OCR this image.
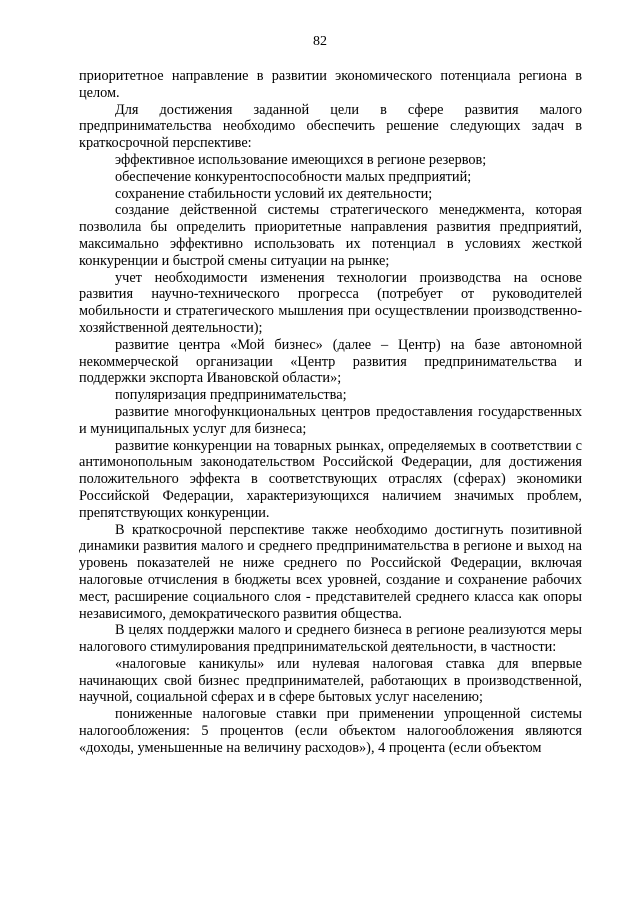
82

приоритетное направление в развитии экономического потенциала региона в целом.

Для достижения заданной цели в сфере развития малого предпринимательства необходимо обеспечить решение следующих задач в краткосрочной перспективе:

эффективное использование имеющихся в регионе резервов;

обеспечение конкурентоспособности малых предприятий;

сохранение стабильности условий их деятельности;

создание действенной системы стратегического менеджмента, которая позволила бы определить приоритетные направления развития предприятий, максимально эффективно использовать их потенциал в условиях жесткой конкуренции и быстрой смены ситуации на рынке;

учет необходимости изменения технологии производства на основе развития научно-технического прогресса (потребует от руководителей мобильности и стратегического мышления при осуществлении производственно-хозяйственной деятельности);

развитие центра «Мой бизнес» (далее – Центр) на базе автономной некоммерческой организации «Центр развития предпринимательства и поддержки экспорта Ивановской области»;

популяризация предпринимательства;

развитие многофункциональных центров предоставления государственных и муниципальных услуг для бизнеса;

развитие конкуренции на товарных рынках, определяемых в соответствии с антимонопольным законодательством Российской Федерации, для достижения положительного эффекта в соответствующих отраслях (сферах) экономики Российской Федерации, характеризующихся наличием значимых проблем, препятствующих конкуренции.

В краткосрочной перспективе также необходимо достигнуть позитивной динамики развития малого и среднего предпринимательства в регионе и выход на уровень показателей не ниже среднего по Российской Федерации, включая налоговые отчисления в бюджеты всех уровней, создание и сохранение рабочих мест, расширение социального слоя - представителей среднего класса как опоры независимого, демократического развития общества.

В целях поддержки малого и среднего бизнеса в регионе реализуются меры налогового стимулирования предпринимательской деятельности, в частности:

«налоговые каникулы» или нулевая налоговая ставка для впервые начинающих свой бизнес предпринимателей, работающих в производственной, научной, социальной сферах и в сфере бытовых услуг населению;

пониженные налоговые ставки при применении упрощенной системы налогообложения: 5 процентов (если объектом налогообложения являются «доходы, уменьшенные на величину расходов»), 4 процента (если объектом
